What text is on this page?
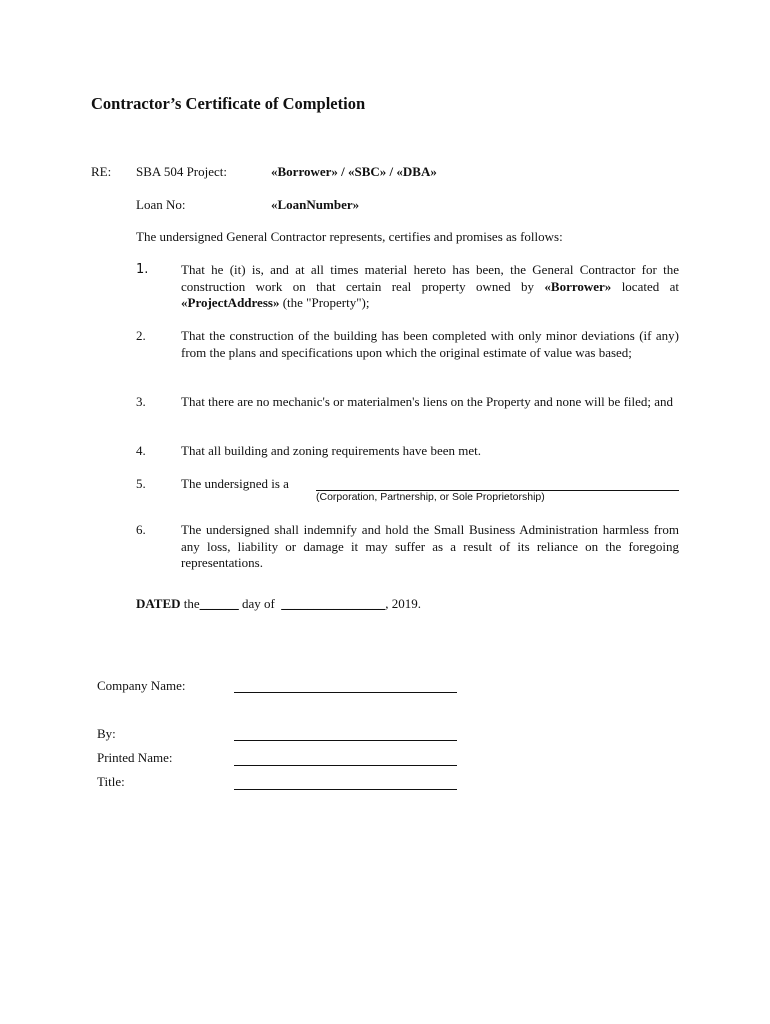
Contractor’s Certificate of Completion
RE: SBA 504 Project:	«Borrower» / «SBC» / «DBA»
Loan No:	«LoanNumber»
The undersigned General Contractor represents, certifies and promises as follows:
1.	That he (it) is, and at all times material hereto has been, the General Contractor for the construction work on that certain real property owned by «Borrower» located at «ProjectAddress» (the "Property");
2.	That the construction of the building has been completed with only minor deviations (if any) from the plans and specifications upon which the original estimate of value was based;
3.	That there are no mechanic's or materialmen's liens on the Property and none will be filed; and
4.	That all building and zoning requirements have been met.
5.	The undersigned is a
(Corporation, Partnership, or Sole Proprietorship)
6.	The undersigned shall indemnify and hold the Small Business Administration harmless from any loss, liability or damage it may suffer as a result of its reliance on the foregoing representations.
DATED the______ day of  ________________, 2019.
Company Name:
By:
Printed Name:
Title:
